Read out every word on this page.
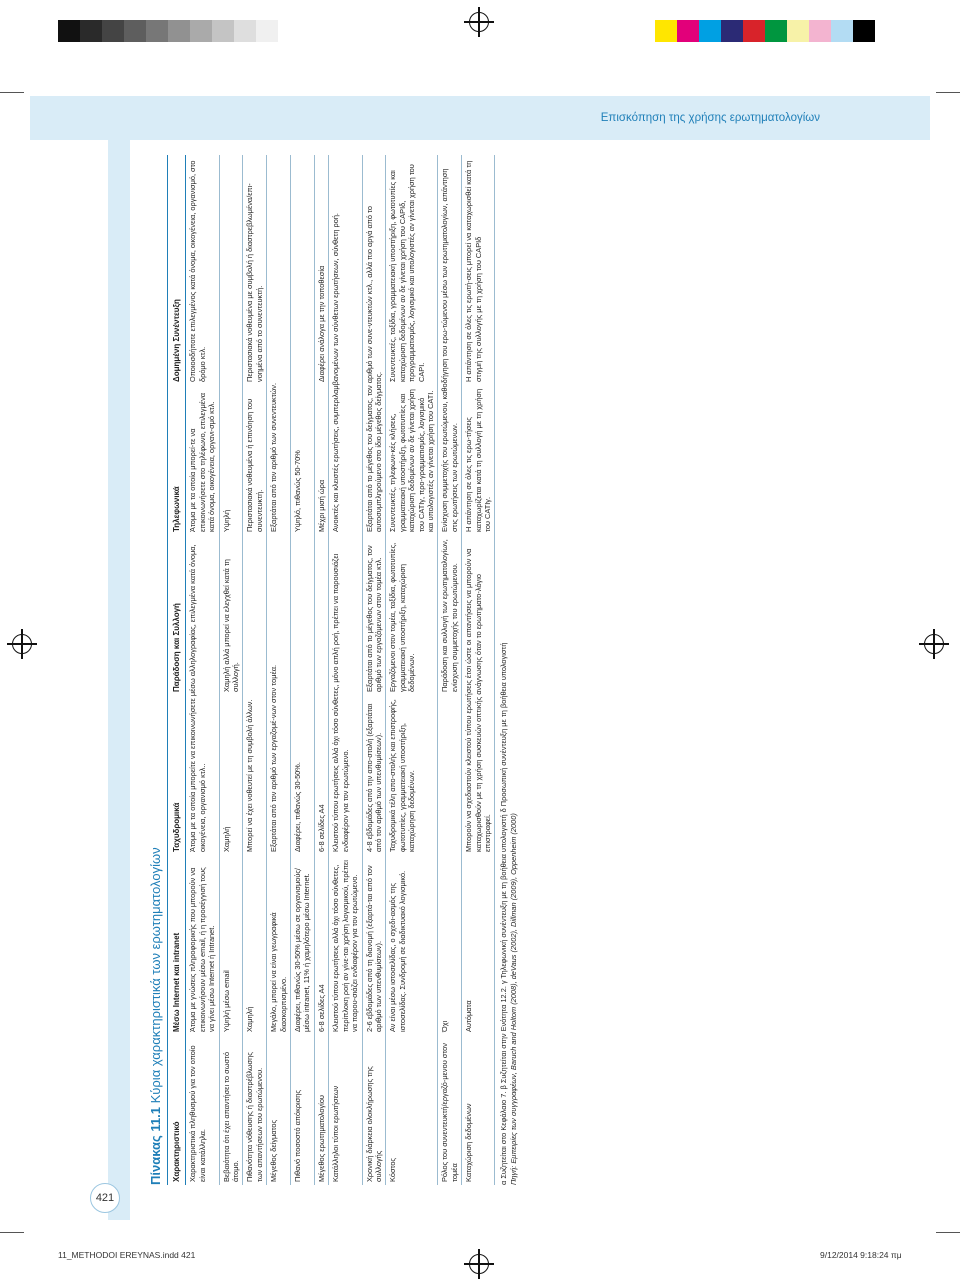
Επισκόπηση της χρήσης ερωτηματολογίων
421
Πίνακας 11.1 Κύρια χαρακτηριστικά των ερωτηματολογίων
Χαρακτηριστικό	Μέσω Internet και intranet	Ταχυδρομικά	Παράδοση και Συλλογή	Τηλεφωνικά	Δομημένη Συνέντευξη
Χαρακτηριστικά πληθυσμού για τον οποίο είναι κατάλληλα.	Άτομα με γνώσεις πληροφορικής που μπορούν να επικοινωνήσουν μέσω email, ή η προσέγγισή τους να γίνει μέσω Internet ή Intranet.	Άτομα με τα οποία μπορείτε να επικοινωνήσετε μέσω αλληλογραφίας, επιλεγμένα κατά όνομα, οικογένεια, οργανισμό κτλ..		Άτομα με τα οποία μπορεί-τε να επικοινωνήσετε στο τηλέφωνο, επιλεγμένα κατά όνομα, οικογένεια, οργανι-σμό κτλ.	Οποιοσδήποτε επιλεγμένος κατά όνομα, οικογένεια, οργανισμό, στο δρόμο κτλ.
Βεβαιότητα ότι έχει απαντήσει το σωστό άτομο.	Υψηλή μέσω email	Χαμηλή	Χαμηλή αλλά μπορεί να ελεγχθεί κατά τη συλλογή.	Υψηλή	
Πιθανότητα νόθευσης ή διαστρέβλωσης των απαντήσεων του ερωτώμενου.	Χαμηλή	Μπορεί να έχει νοθευτεί με τη συμβολή άλλων.		Περιστασιακά νοθευμένα ή επινόηση του συνεντευκτή.	Περιστασιακά νοθευμένα με συμβολή ή διαστρεβλωμένα/επι-νοημένα από το συνεντευκτή.
Μέγεθος δείγματος	Μεγάλο, μπορεί να είναι γεωγραφικά διασκορπισμένο.	Εξαρτάται από τον αριθμό των εργαζομέ-νων στον τομέα.		Εξαρτάται από τον αριθμό των συνεντευκτών.	
Πιθανό ποσοστό απόκρισης	Διαφέρει, πιθανώς 30-50% μέσω σε οργανισμούς/μέσω intranet, 11% ή χαμηλότερο μέσω Internet.	Διαφέρει, πιθανώς 30-50%.		Υψηλό, πιθανώς 50-70%	
Μέγεθος ερωτηματολογίου	6-8 σελίδες Α4	6-8 σελίδες Α4		Μέχρι μισή ώρα	Διαφέρει ανάλογα με την τοποθεσία
Κατάλληλοι τύποι ερωτήσεων	Κλειστού τύπου ερωτήσεις αλλά όχι τόσο σύνθετες, περίπλοκη ροή αν γίνε-ται χρήση λογισμικού, πρέπει να παρου-σιάζει ενδιαφέρον για τον ερωτώμενο.	Κλειστού τύπου ερωτήσεις αλλά όχι τόσο σύνθετες, μόνο απλή ροή, πρέπει να παρουσιάζει ενδιαφέρον για τον ερωτώμενο.		Ανοικτές και κλειστές ερωτήσεις, συμπεριλαμβανομένων των σύνθετων ερωτήσεων, σύνθετη ροή.	
Χρονική διάρκεια ολοκλήρωσης της συλλογής	2-6 εβδομάδες από τη διανομή (εξαρτά-ται από τον αριθμό των υπενθυμίσεων).	4-8 εβδομάδες από την απο-στολή (εξαρτάται από τον αριθμό των υπενθυμίσεων).	Εξαρτάται από το μέγεθος του δείγματος, τον αριθμό των εργαζόμενων στον τομέα κτλ.	Εξαρτάται από το μέγεθος του δείγματος, τον αριθμό των συνε-ντευκτών κτλ., αλλά πιο αργά από το αυτοσυμπληρούμενο στο ίδιο μέγεθος δείγματος.	
Κόστος	Αν είναι μέσω ιστοσελίδας, ο σχεδι-ασμός της ιστοσελίδας. Συνδρομή σε διαδικτυακό λογισμικό.	Ταχυδρομικά τέλη απο-στολής και επιστροφής, φωτοτυπίες, γραμματειακή υποστήριξη, καταχώρηση δεδομένων.	Εργαζόμενοι στον τομέα, ταξίδια, φωτοτυπίες, γραμματειακή υποστήριξη, καταχώριση δεδομένων.	Συνεντευκτές, τηλεφωνι-κές κλήσεις, γραμματειακή υποστήριξη, φωτοτυπίες και καταχώριση δεδομένων αν δε γίνεται χρήση του CATIγ, προ-γραμματισμός, λογισμικό και υπολογιστές αν γίνεται χρήση του CATI.	Συνεντευκτές, ταξίδια, γραμματειακή υποστήριξη, φωτοτυπίες και καταχώριση δεδομένων αν δε γίνεται χρήση του CAPIδ, προγραμματισμός, λογισμικό και υπολογιστές αν γίνεται χρήση του CAPI.
Ρόλος του συνεντευκτή/εργαζό-μενου στον τομέα	Όχι		Παράδοση και συλλογή των ερωτηματολογίων, ενίσχυση συμμετοχής του ερωτώμενου.	Ενίσχυση συμμετοχής του ερωτώμενου, καθοδήγηση του ερω-τώμενου μέσω των ερωτηματολογίων, απάντηση στις ερωτήσεις των ερωτώμενων.	
Καταχώριση δεδομένων	Αυτόματα	Μπορούν να σχεδιαστούν κλειστού τύπου ερωτήσεις έτσι ώστε οι απαντήσεις να μπορούν να καταχωρισθούν με τη χρήση συσκευών οπτικής ανάγνωσης όταν το ερωτηματο-λόγιο επιστραφεί.		Η απάντηση σε όλες τις ερω-τήσεις καταχωρίζεται κατά τη συλλογή με τη χρήση του CATIγ.	Η απάντηση σε όλες τις ερωτή-σεις μπορεί να καταχωρισθεί κατά τη στιγμή της συλλογής με τη χρήση του CAPIδ
α Συζητείται στο Κεφάλαιο 7. β Συζητείται στην Ενότητα 12.2. γ Τηλεφωνική συνέντευξη με τη βοήθεια υπολογιστή δ Προσωπική συνέντευξη με τη βοήθεια υπολογιστή Πηγή: Εμπειρίες των συγγραφέων, Baruch and Holtom (2008), deVaus (2002), Dillman (2009), Oppenheim (2000)
11_METHODOI EREYNAS.indd 421	9/12/2014 9:18:24 πμ
